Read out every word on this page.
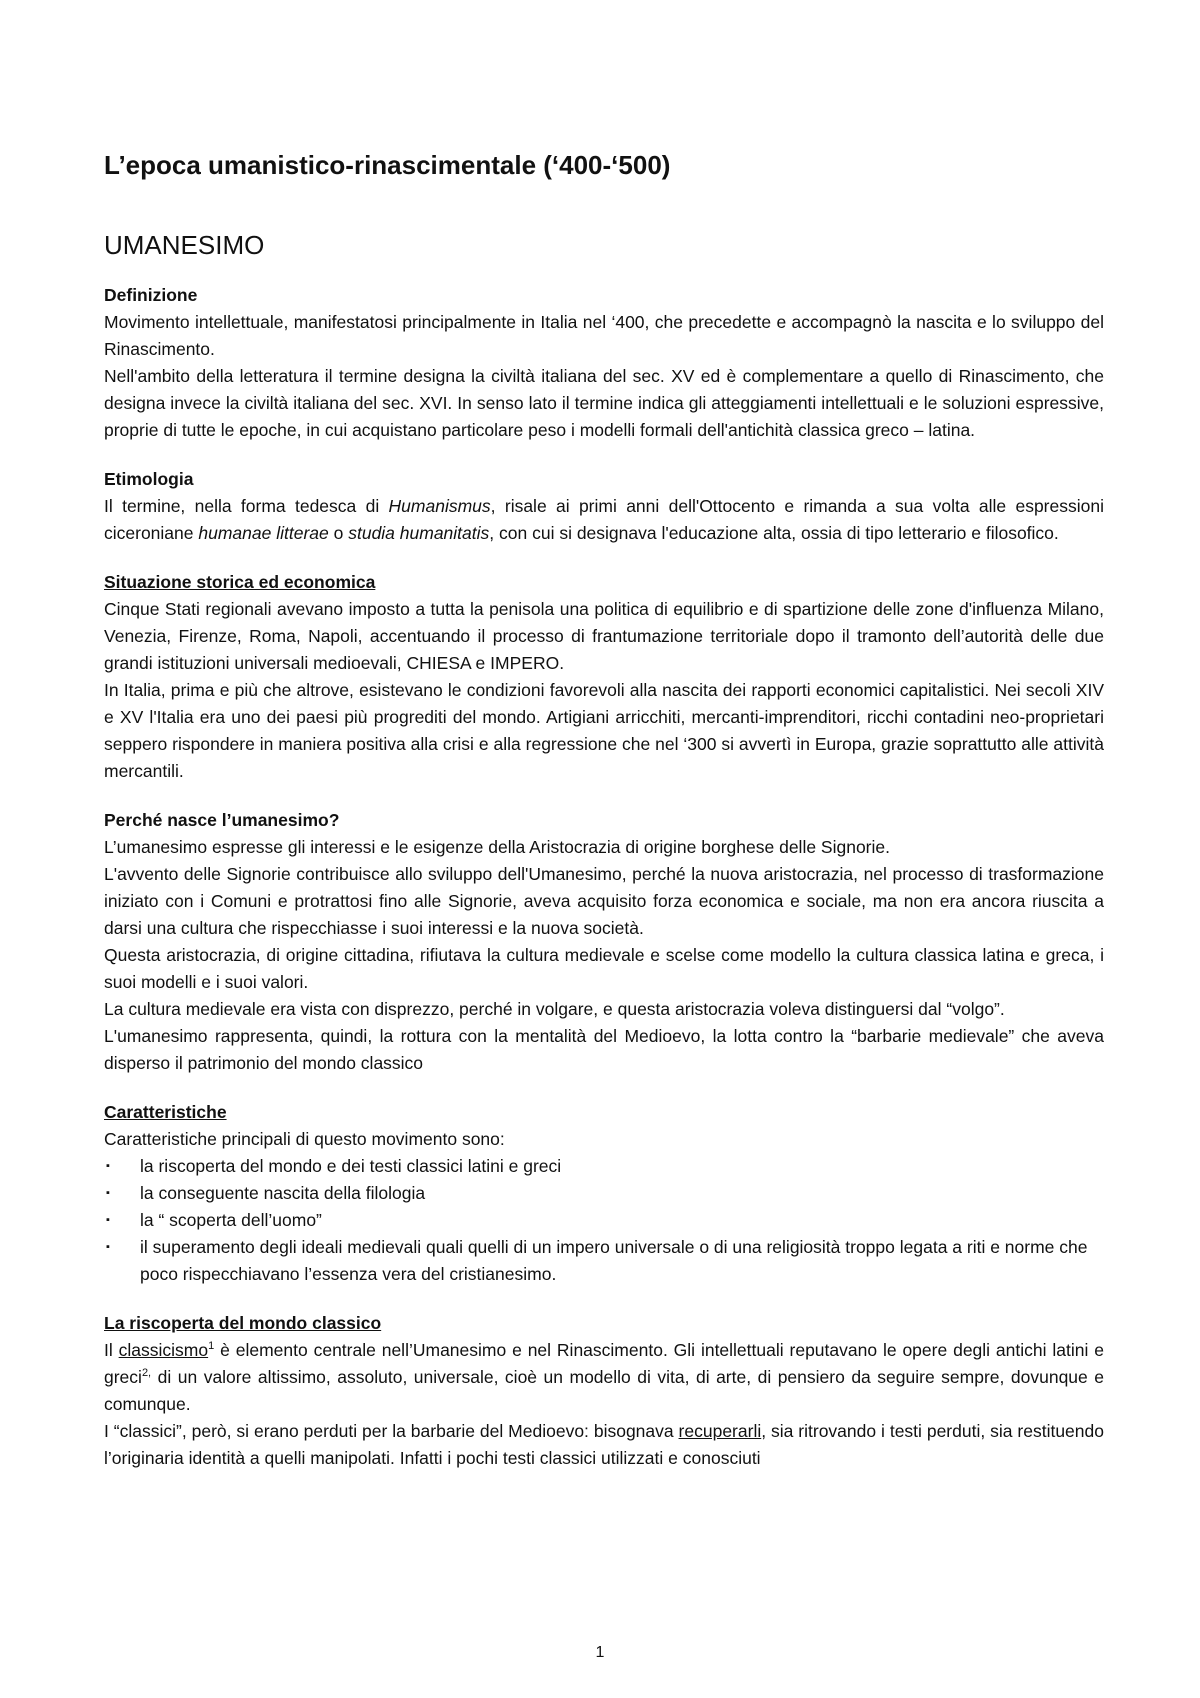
L’epoca umanistico-rinascimentale (‘400-‘500)
UMANESIMO
Definizione

Movimento intellettuale, manifestatosi principalmente in Italia nel ‘400, che precedette e accompagnò la nascita e lo sviluppo del Rinascimento.

Nell'ambito della letteratura il termine designa la civiltà italiana del sec. XV ed è complementare a quello di Rinascimento, che designa invece la civiltà italiana del sec. XVI. In senso lato il termine indica gli atteggiamenti intellettuali e le soluzioni espressive, proprie di tutte le epoche, in cui acquistano particolare peso i modelli formali dell'antichità classica greco – latina.

Etimologia

Il termine, nella forma tedesca di Humanismus, risale ai primi anni dell'Ottocento e rimanda a sua volta alle espressioni ciceroniane humanae litterae o studia humanitatis, con cui si designava l'educazione alta, ossia di tipo letterario e filosofico.

Situazione storica ed economica

Cinque Stati regionali avevano imposto a tutta la penisola una politica di equilibrio e di spartizione delle zone d'influenza Milano, Venezia, Firenze, Roma, Napoli, accentuando il processo di frantumazione territoriale dopo il tramonto dell’autorità delle due grandi istituzioni universali medioevali, CHIESA e IMPERO.

In Italia, prima e più che altrove, esistevano le condizioni favorevoli alla nascita dei rapporti economici capitalistici. Nei secoli XIV e XV l'Italia era uno dei paesi più progrediti del mondo. Artigiani arricchiti, mercanti-imprenditori, ricchi contadini neo-proprietari seppero rispondere in maniera positiva alla crisi e alla regressione che nel ‘300 si avvertì in Europa, grazie soprattutto alle attività mercantili.

Perché nasce l’umanesimo?

L’umanesimo espresse gli interessi e le esigenze della Aristocrazia di origine borghese delle Signorie.

L'avvento delle Signorie contribuisce allo sviluppo dell'Umanesimo, perché la nuova aristocrazia, nel processo di trasformazione iniziato con i Comuni e protrattosi fino alle Signorie, aveva acquisito forza economica e sociale, ma non era ancora riuscita a darsi una cultura che rispecchiasse i suoi interessi e la nuova società.

Questa aristocrazia, di origine cittadina, rifiutava la cultura medievale e scelse come modello la cultura classica latina e greca, i suoi modelli e i suoi valori.

La cultura medievale era vista con disprezzo, perché in volgare, e questa aristocrazia voleva distinguersi dal “volgo”.

L'umanesimo rappresenta, quindi, la rottura con la mentalità del Medioevo, la lotta contro la “barbarie medievale” che aveva disperso il patrimonio del mondo classico

Caratteristiche

Caratteristiche principali di questo movimento sono:

▪ la riscoperta del mondo e dei testi classici latini e greci
▪ la conseguente nascita della filologia
▪ la “ scoperta dell’uomo”
▪ il superamento degli ideali medievali quali quelli di un impero universale o di una religiosità troppo legata a riti e norme che poco rispecchiavano l’essenza vera del cristianesimo.
La riscoperta del mondo classico

Il classicismo$^1$ è elemento centrale nell’Umanesimo e nel Rinascimento. Gli intellettuali reputavano le opere degli antichi latini e greci$^{2,}$ di un valore altissimo, assoluto, universale, cioè un modello di vita, di arte, di pensiero da seguire sempre, dovunque e comunque.

I “classici”, però, si erano perduti per la barbarie del Medioevo: bisognava recuperarli, sia ritrovando i testi perduti, sia restituendo l’originaria identità a quelli manipolati. Infatti i pochi testi classici utilizzati e conosciuti

1
